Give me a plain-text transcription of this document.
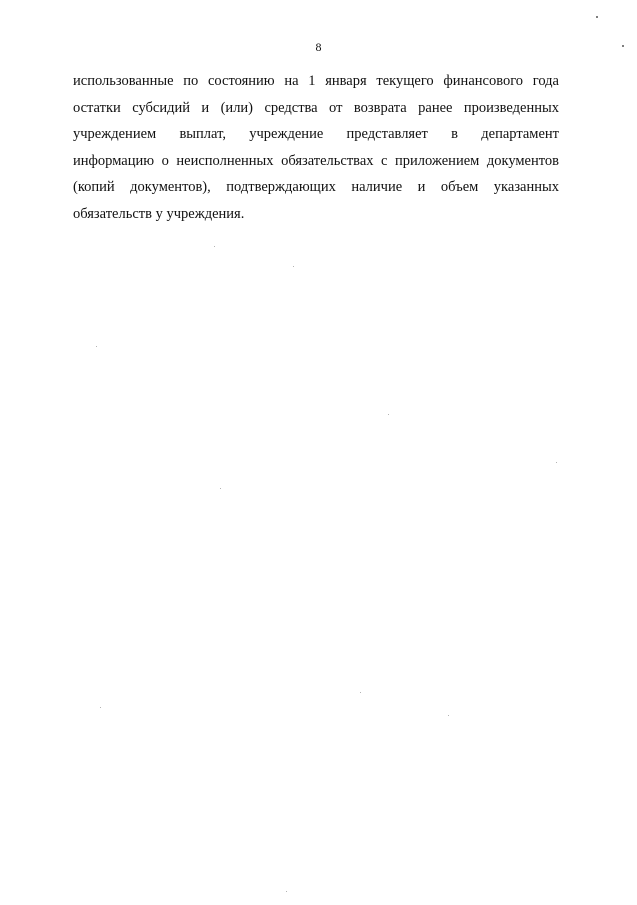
8
использованные по состоянию на 1 января текущего финансового года
остатки субсидий и (или) средства от возврата ранее произведенных
учреждением выплат, учреждение представляет в департамент
информацию о неисполненных обязательствах с приложением документов
(копий документов), подтверждающих наличие и объем указанных
обязательств у учреждения.
